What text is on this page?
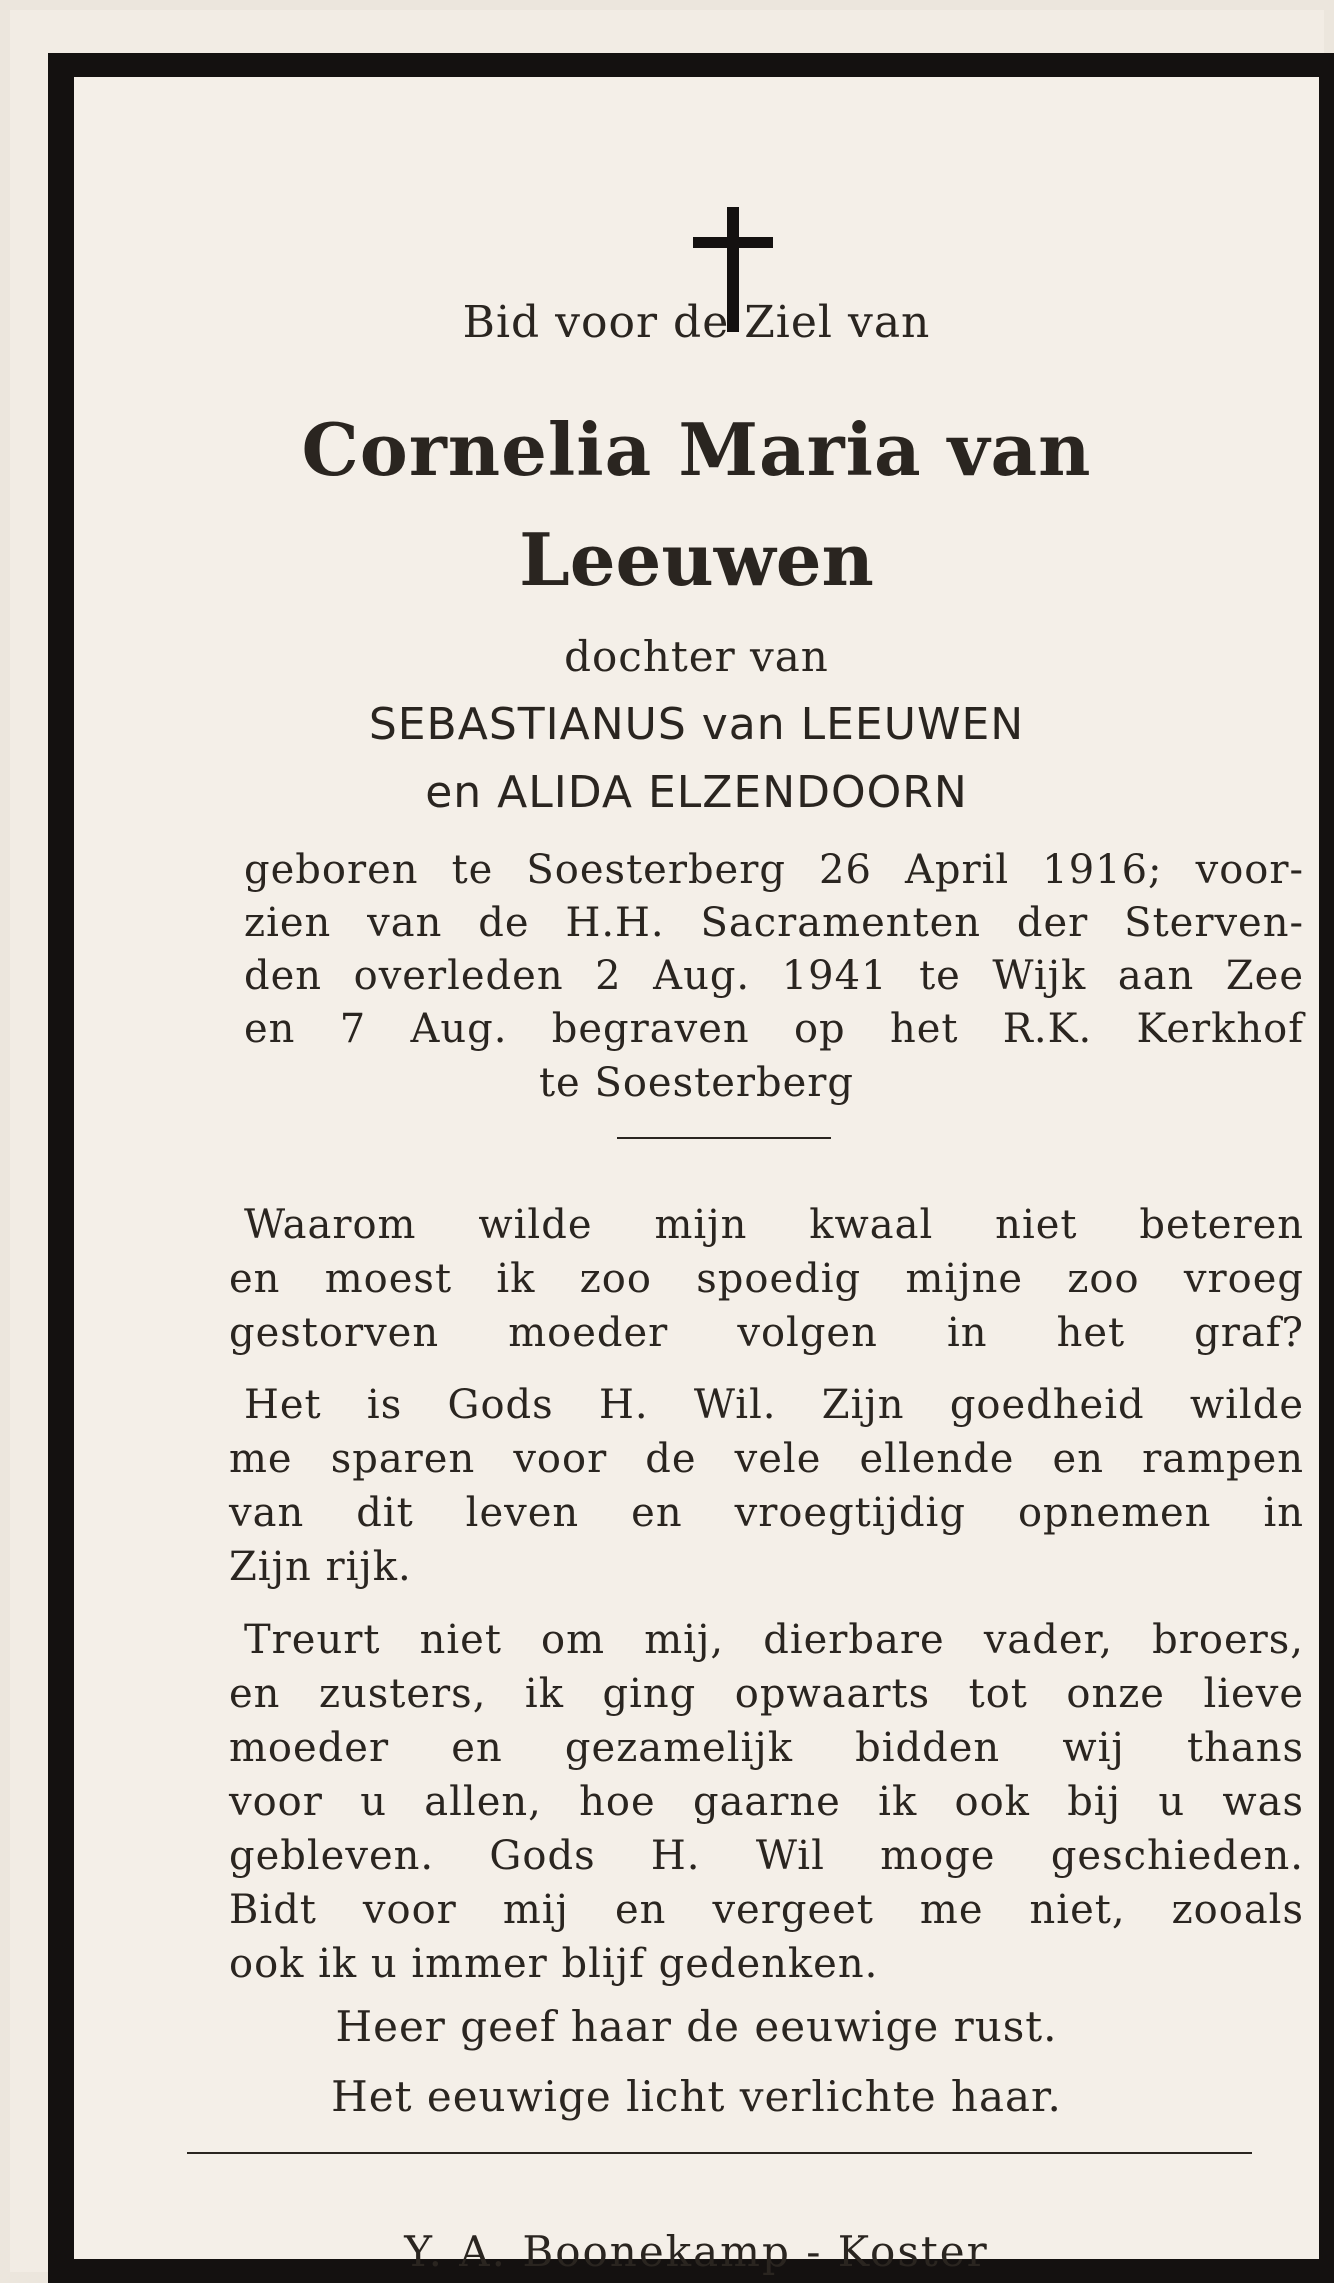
Bid voor de Ziel van
Cornelia Maria van
Leeuwen
dochter van
SEBASTIANUS van LEEUWEN
en ALIDA ELZENDOORN
geboren te Soesterberg 26 April 1916; voor-
zien van de H.H. Sacramenten der Sterven-
den overleden 2 Aug. 1941 te Wijk aan Zee
en 7 Aug. begraven op het R.K. Kerkhof
te Soesterberg
Waarom wilde mijn kwaal niet beteren
en moest ik zoo spoedig mijne zoo vroeg
gestorven moeder volgen in het graf?
Het is Gods H. Wil. Zijn goedheid wilde
me sparen voor de vele ellende en rampen
van dit leven en vroegtijdig opnemen in
Zijn rijk.
Treurt niet om mij, dierbare vader, broers,
en zusters, ik ging opwaarts tot onze lieve
moeder en gezamelijk bidden wij thans
voor u allen, hoe gaarne ik ook bij u was
gebleven. Gods H. Wil moge geschieden.
Bidt voor mij en vergeet me niet, zooals
ook ik u immer blijf gedenken.
Heer geef haar de eeuwige rust.
Het eeuwige licht verlichte haar.
Y. A. Boonekamp - Koster
